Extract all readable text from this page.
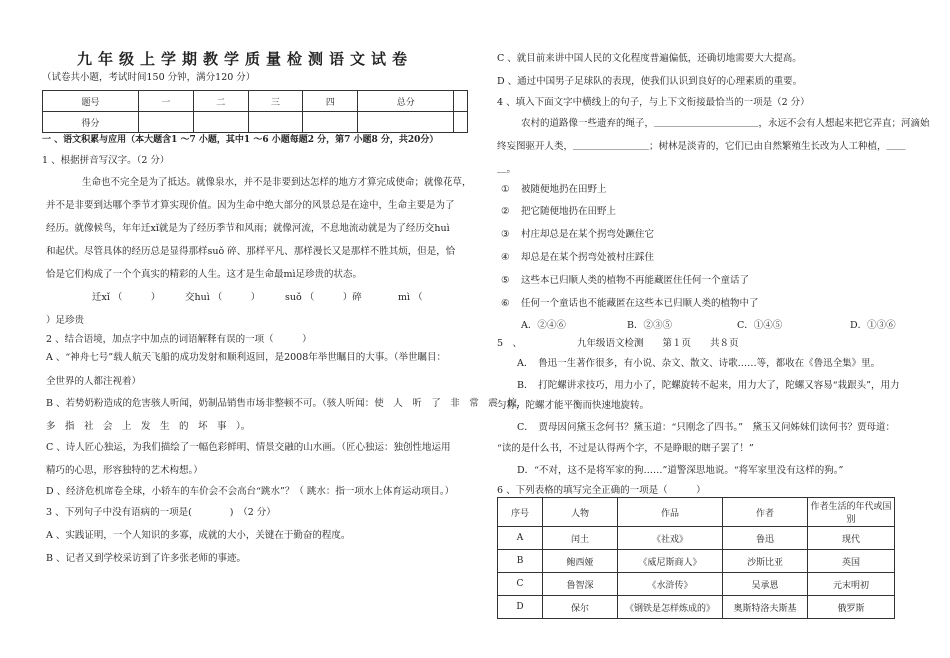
九年级上学期教学质量检测语文试卷
（试卷共小题，考试时间150 分钟，满分120 分）
题号	一	二	三	四	总分	
得分						
一 、语文积累与应用（本大题含1 ～7 小题，其中1 ～6 小题每题2 分，第7 小题8 分，共20分）
1 、根据拼音写汉字。（2 分）
生命也不完全是为了抵达。就像泉水，并不是非要到达怎样的地方才算完成使命；就像花草，
并不是非要到达哪个季节才算实现价值。因为生命中绝大部分的风景总是在途中，生命主要是为了
经历。就像候鸟，年年迁xǐ就是为了经历季节和风雨；就像河流，不息地流动就是为了经历交huì
和起伏。尽管具体的经历总是显得那样suǒ 碎、那样平凡、那样漫长又是那样不胜其烦，但是，恰
恰是它们构成了一个个真实的精彩的人生。这才是生命最mì足珍贵的状态。
迁xǐ （　　　）	交huì （　　　）	suǒ （　　　）碎	mì （
）足珍贵
2 、结合语境，加点字中加点的词语解释有误的一项（　　　）
A 、“神舟七号”载人航天飞船的成功发射和顺利返回，是2008年举世瞩目的大事。（举世瞩目：
全世界的人都注视着）
B 、若势奶粉造成的危害骇人听闻，奶制品销售市场非整顿不可。（骇人听闻：使　人　听　了　非　常　震　惊，
多　指　社　会　上　发　生　的　坏　事　）。
C 、诗人匠心独运，为我们描绘了一幅色彩鲜明、情景交融的山水画。（匠心独运：独创性地运用
精巧的心思，形容独特的艺术构想。）
D 、经济危机席卷全球，小轿车的车价会不会高台“跳水”？（ 跳水：指一项水上体育运动项目。）
3 、下列句子中没有语病的一项是(　　　　)　（2 分）
A 、实践证明，一个人知识的多寡，成就的大小，关键在于勤奋的程度。
B 、记者又到学校采访到了许多张老师的事迹。
C 、就目前来讲中国人民的文化程度普遍偏低，还确切地需要大大提高。
D 、通过中国男子足球队的表现，使我们认识到良好的心理素质的重要。
4 、填入下面文字中横线上的句子，与上下文衔接最恰当的一项是（2 分）
农村的道路像一些遗弃的绳子，＿＿＿＿＿＿＿＿＿＿＿，永远不会有人想起来把它弄直；河滴始
终妄图驱开人类，＿＿＿＿＿＿＿＿；树林是淡青的，它们已由自然繁殖生长改为人工种植，＿＿
＿。
① 被随便地扔在田野上
② 把它随便地扔在田野上
③ 村庄却总是在某个拐弯处蹶住它
④ 却总是在某个拐弯处被村庄踩住
⑤ 这些本已归顺人类的植物不再能藏匿住任何一个童话了
⑥ 任何一个童话也不能藏匿在这些本已归顺人类的植物中了
A．②④⑥	B．②③⑤	C．①④⑤	D．①③⑥
5　、	九年级语文检测　　第１页　　共８页
A．　鲁迅一生著作很多，有小说、杂文、散文、诗歌……等，都收在《鲁迅全集》里。
B．　打陀螺讲求技巧，用力小了，陀螺旋转不起来，用力大了，陀螺又容易“栽跟头”，用力
匀称，陀螺才能平衡而快速地旋转。
C．　贾母因问黛玉念何书？黛玉道：“只刚念了四书。”　黛玉又问姊妹们读何书？贾母道：
“读的是什么书，不过是认得两个字，不是睁眼的瞎子罢了！”
D．“不对，这不是将军家的狗……”道警深思地说。“将军家里没有这样的狗。”
6 、下列表格的填写完全正确的一项是（　　　）
序号	人物	作品	作者	作者生活的年代或国别
A	闰土	《社戏》	鲁迅	现代
B	鲍西娅	《威尼斯商人》	沙斯比亚	英国
C	鲁智深	《水浒传》	吴承恩	元末明初
D	保尔	《钢铁是怎样炼成的》	奥斯特洛夫斯基	俄罗斯
